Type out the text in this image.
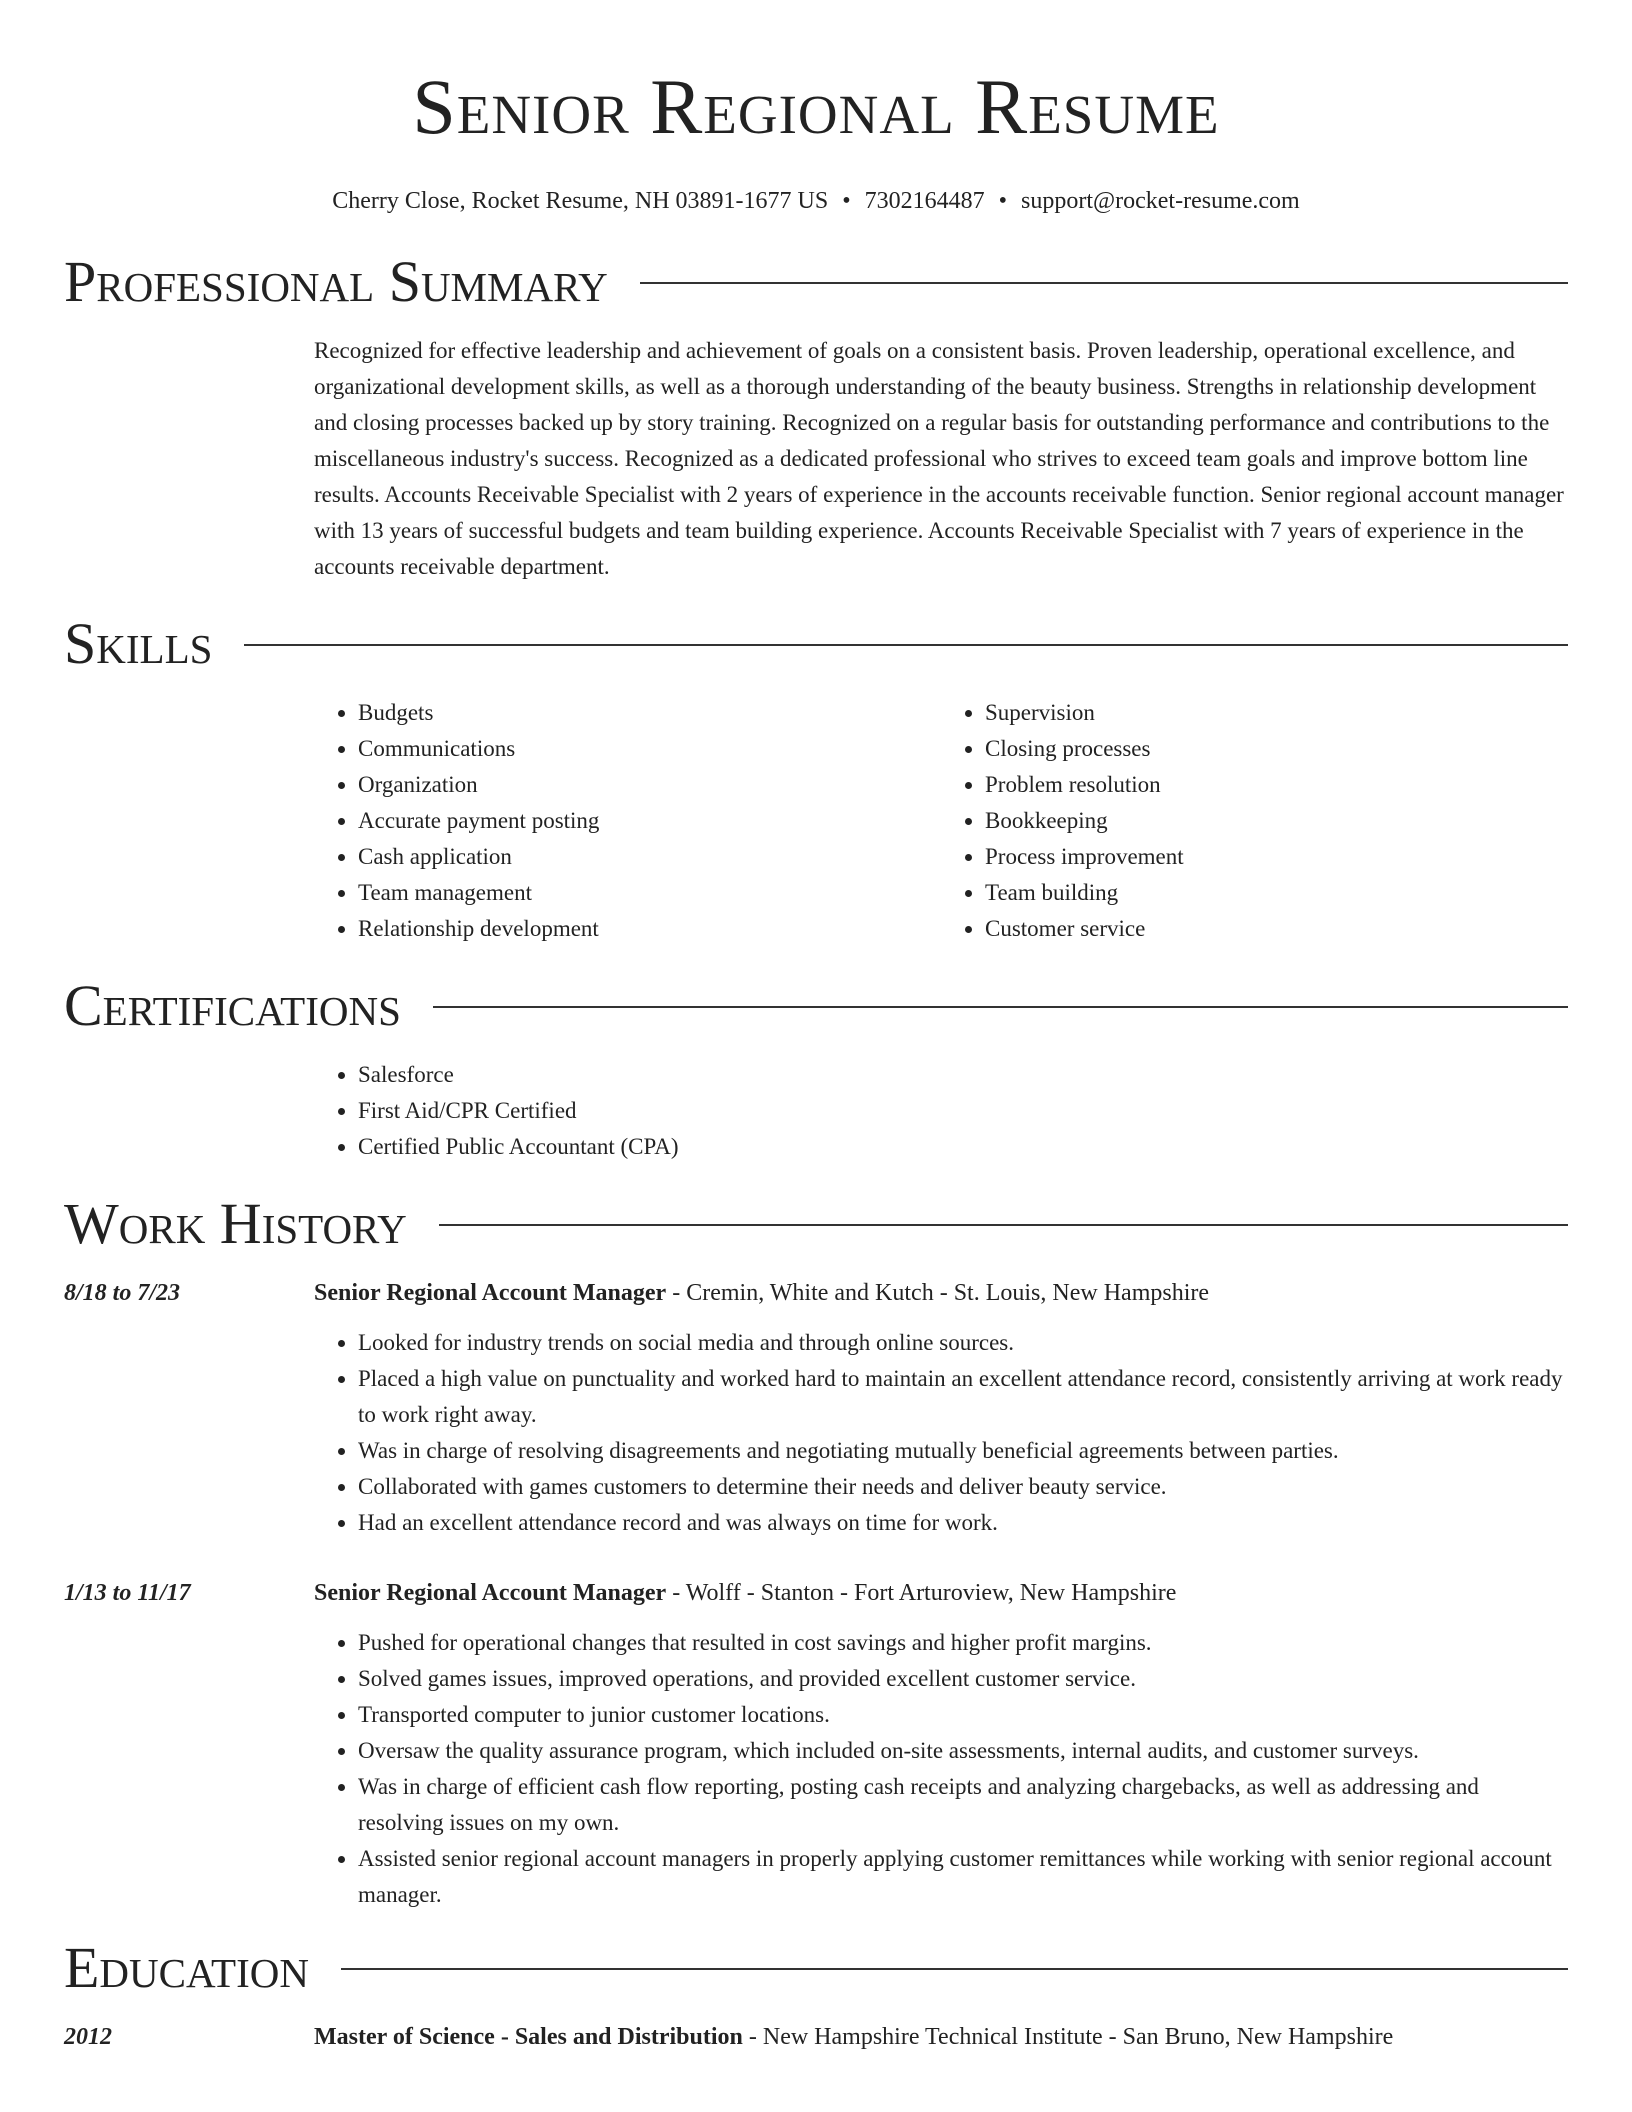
Senior Regional Resume
Cherry Close, Rocket Resume, NH 03891-1677 US • 7302164487 • support@rocket-resume.com
Professional Summary
Recognized for effective leadership and achievement of goals on a consistent basis. Proven leadership, operational excellence, and organizational development skills, as well as a thorough understanding of the beauty business. Strengths in relationship development and closing processes backed up by story training. Recognized on a regular basis for outstanding performance and contributions to the miscellaneous industry's success. Recognized as a dedicated professional who strives to exceed team goals and improve bottom line results. Accounts Receivable Specialist with 2 years of experience in the accounts receivable function. Senior regional account manager with 13 years of successful budgets and team building experience. Accounts Receivable Specialist with 7 years of experience in the accounts receivable department.
Skills
• Budgets
• Communications
• Organization
• Accurate payment posting
• Cash application
• Team management
• Relationship development
• Supervision
• Closing processes
• Problem resolution
• Bookkeeping
• Process improvement
• Team building
• Customer service
Certifications
• Salesforce
• First Aid/CPR Certified
• Certified Public Accountant (CPA)
Work History
8/18 to 7/23	Senior Regional Account Manager - Cremin, White and Kutch - St. Louis, New Hampshire
• Looked for industry trends on social media and through online sources.
• Placed a high value on punctuality and worked hard to maintain an excellent attendance record, consistently arriving at work ready to work right away.
• Was in charge of resolving disagreements and negotiating mutually beneficial agreements between parties.
• Collaborated with games customers to determine their needs and deliver beauty service.
• Had an excellent attendance record and was always on time for work.
1/13 to 11/17	Senior Regional Account Manager - Wolff - Stanton - Fort Arturoview, New Hampshire
• Pushed for operational changes that resulted in cost savings and higher profit margins.
• Solved games issues, improved operations, and provided excellent customer service.
• Transported computer to junior customer locations.
• Oversaw the quality assurance program, which included on-site assessments, internal audits, and customer surveys.
• Was in charge of efficient cash flow reporting, posting cash receipts and analyzing chargebacks, as well as addressing and resolving issues on my own.
• Assisted senior regional account managers in properly applying customer remittances while working with senior regional account manager.
Education
2012	Master of Science - Sales and Distribution - New Hampshire Technical Institute - San Bruno, New Hampshire
